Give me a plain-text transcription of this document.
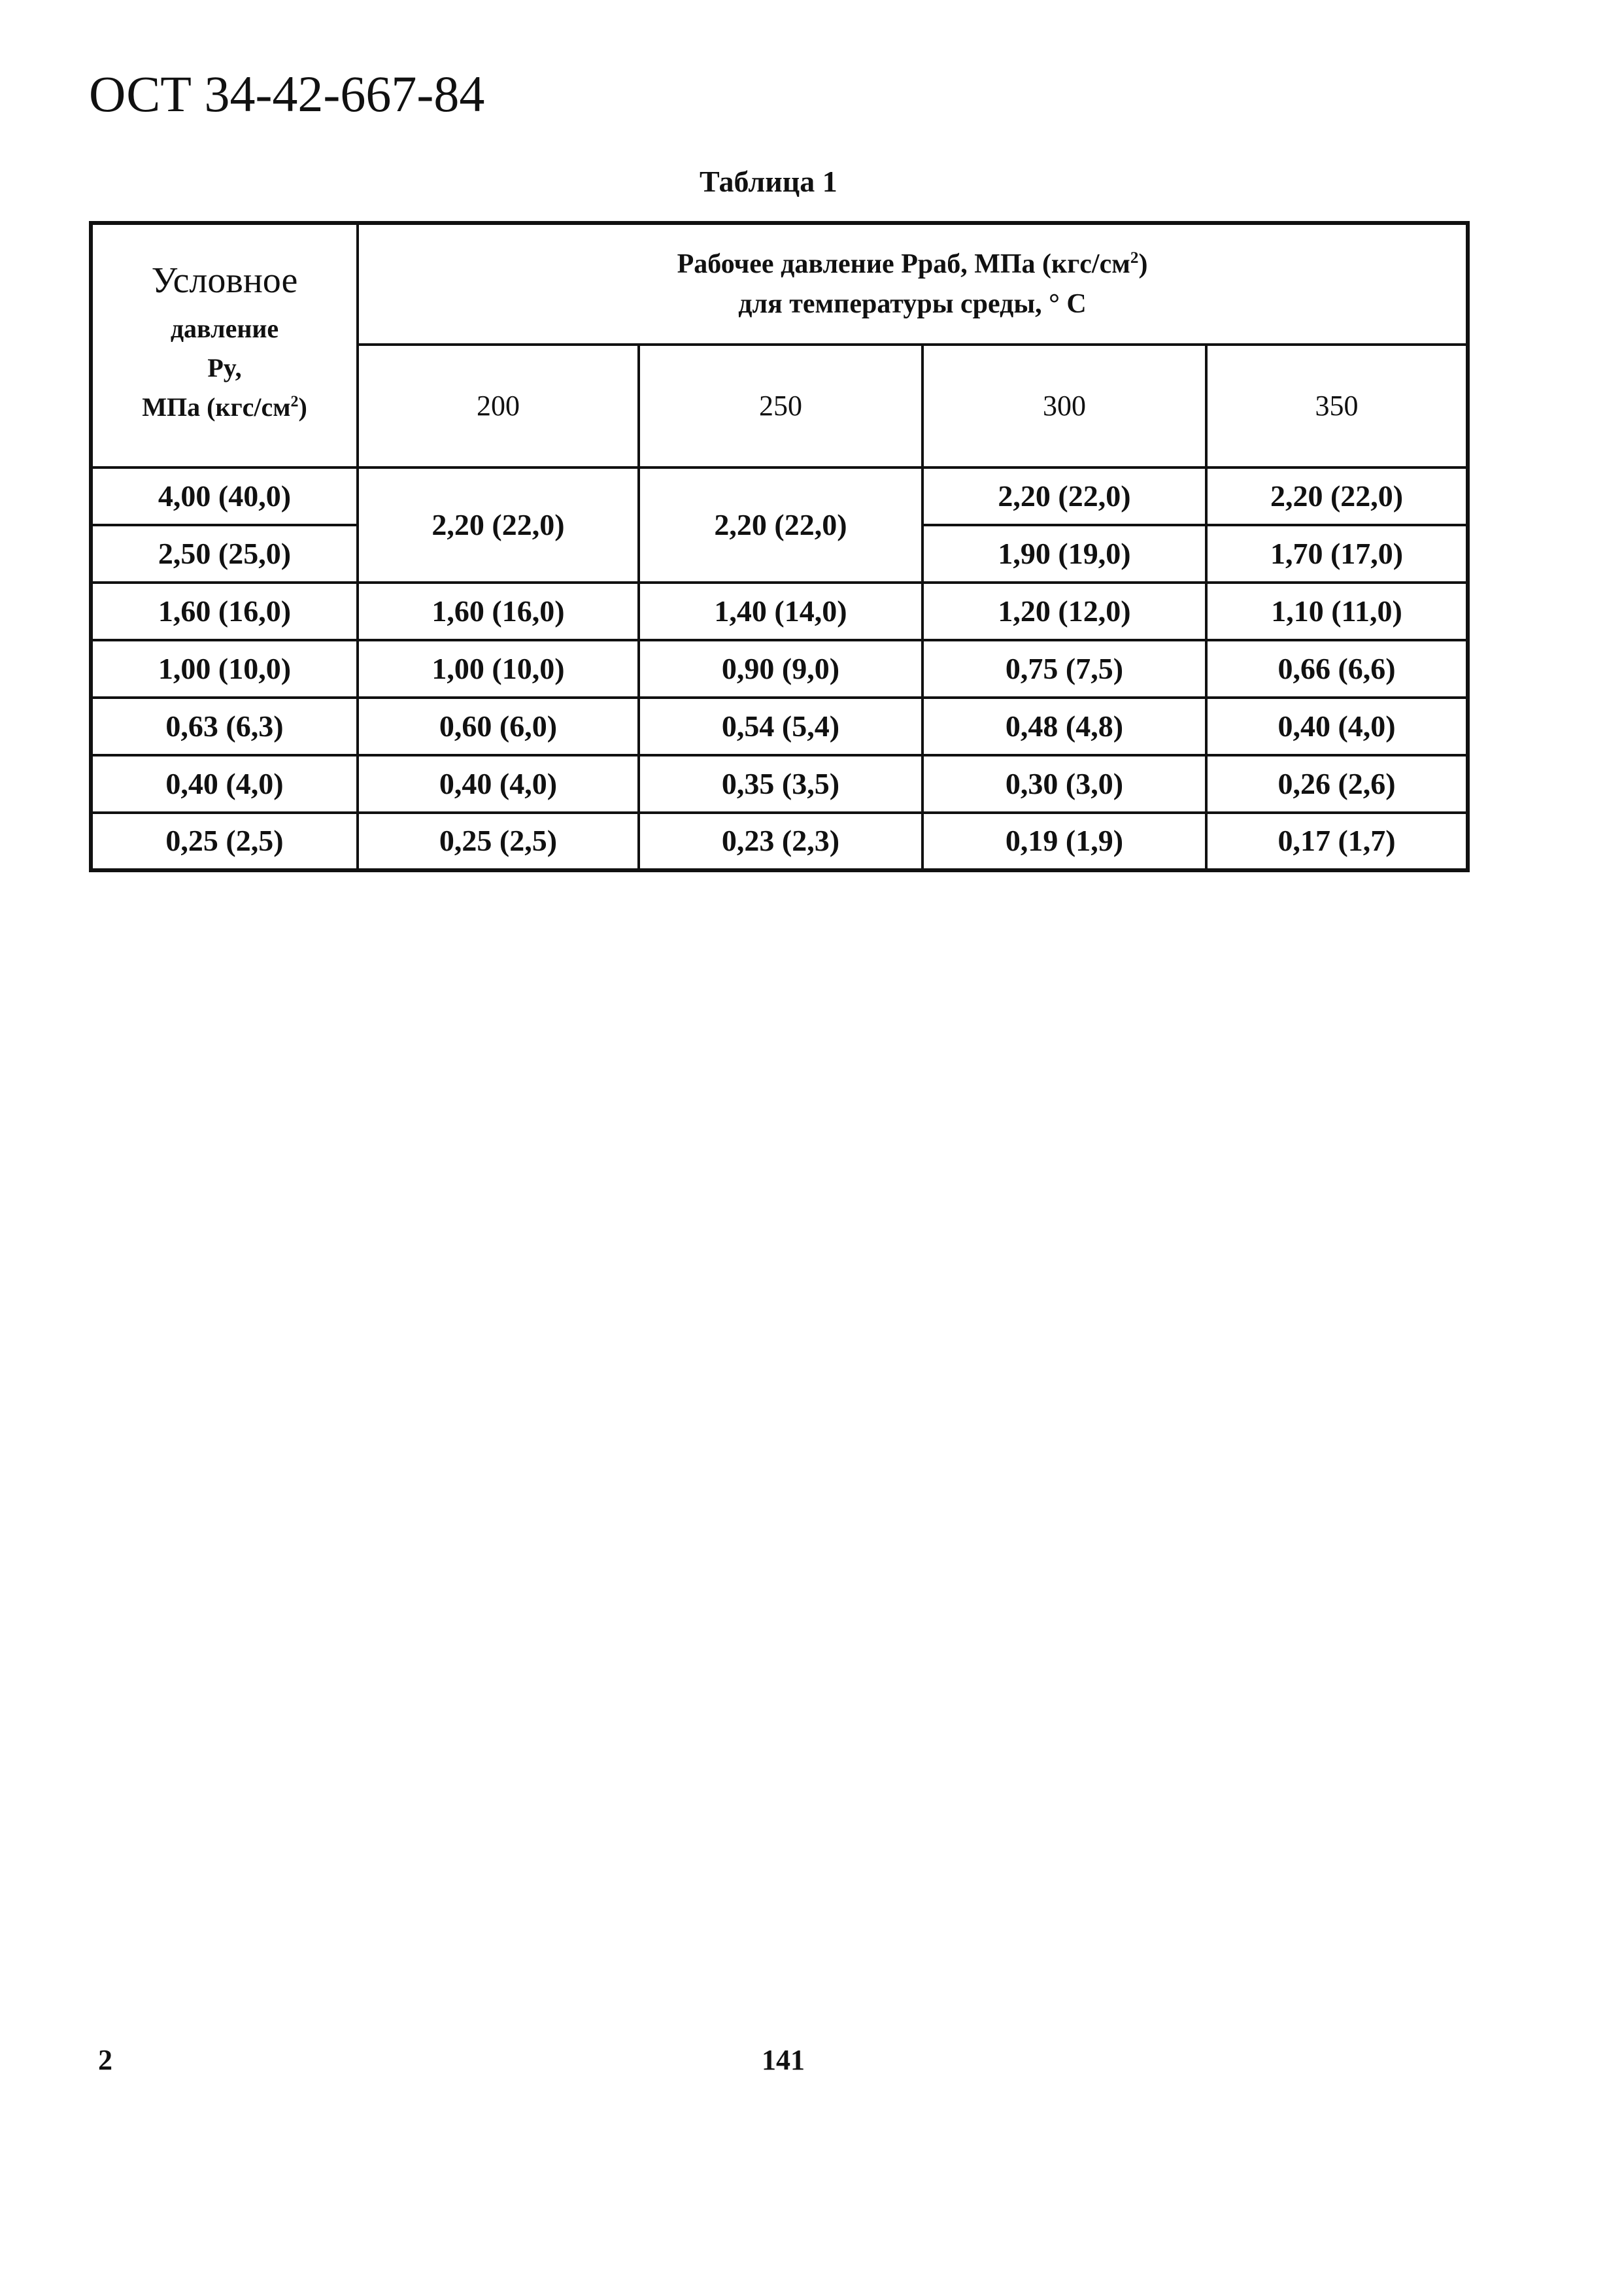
ОСТ 34-42-667-84
Таблица 1
Условное
давление
Py,
МПа $(кгс/см^2)$	Рабочее давление Рраб, МПа $(кгс/см^2)$
для температуры среды, ° С			

	200	250	300	350
4,00 (40,0)	2,20 (22,0)	2,20 (22,0)	2,20 (22,0)	2,20 (22,0)
2,50 (25,0)			1,90 (19,0)	1,70 (17,0)
1,60 (16,0)	1,60 (16,0)	1,40 (14,0)	1,20 (12,0)	1,10 (11,0)
1,00 (10,0)	1,00 (10,0)	0,90 (9,0)	0,75 (7,5)	0,66 (6,6)
0,63 (6,3)	0,60 (6,0)	0,54 (5,4)	0,48 (4,8)	0,40 (4,0)
0,40 (4,0)	0,40 (4,0)	0,35 (3,5)	0,30 (3,0)	0,26 (2,6)
0,25 (2,5)	0,25 (2,5)	0,23 (2,3)	0,19 (1,9)	0,17 (1,7)
2	141
